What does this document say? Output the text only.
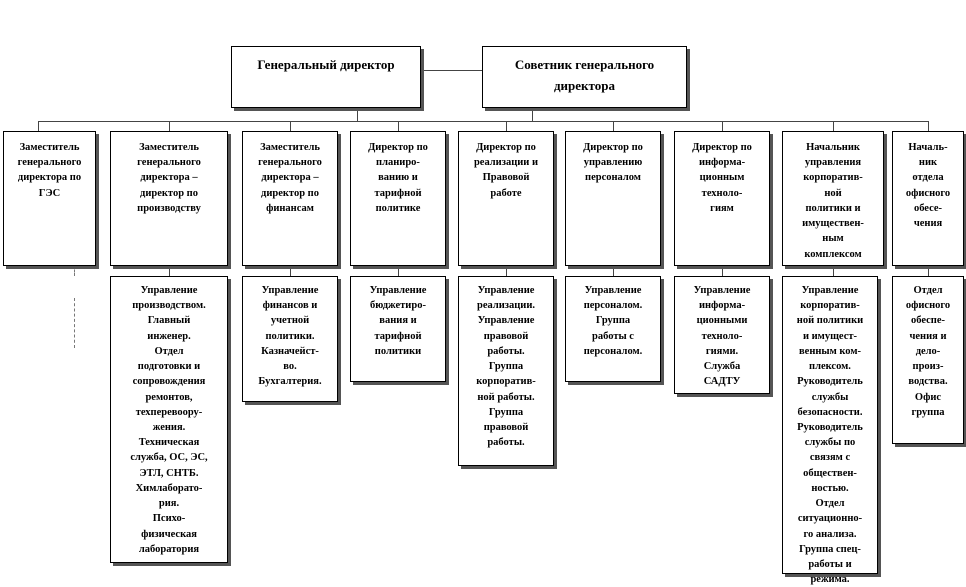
Генеральный директор	Советник генерального
директора
Заместитель
генерального
директора по
ГЭС
Заместитель
генерального
директора –
директор по
производству
Заместитель
генерального
директора –
директор по
финансам
Директор по
планиро-
ванию и
тарифной
политике
Директор по
реализации и
Правовой
работе
Директор по
управлению
персоналом
Директор по
информа-
ционным
техноло-
гиям
Начальник
управления
корпоратив-
ной
политики и
имуществен-
ным
комплексом
Началь-
ник
отдела
офисного
обесе-
чения
Управление
производством.
Главный
инженер.
Отдел
подготовки и
сопровождения
ремонтов,
техперевоору-
жения.
Техническая
служба, ОС, ЭС,
ЭТЛ, СНТБ.
Химлаборато-
рия.
Психо-
физическая
лаборатория
Управление
финансов и
учетной
политики.
Казначейст-
во.
Бухгалтерия.
Управление
бюджетиро-
вания и
тарифной
политики
Управление
реализации.
Управление
правовой
работы.
Группа
корпоратив-
ной работы.
Группа
правовой
работы.
Управление
персоналом.
Группа
работы с
персоналом.
Управление
информа-
ционными
техноло-
гиями.
Служба
САДТУ
Управление
корпоратив-
ной политики
и имущест-
венным ком-
плексом.
Руководитель
службы
безопасности.
Руководитель
службы по
связям с
обществен-
ностью.
Отдел
ситуационно-
го анализа.
Группа спец-
работы и
режима.
Отдел
офисного
обеспе-
чения и
дело-
произ-
водства.
Офис
группа
